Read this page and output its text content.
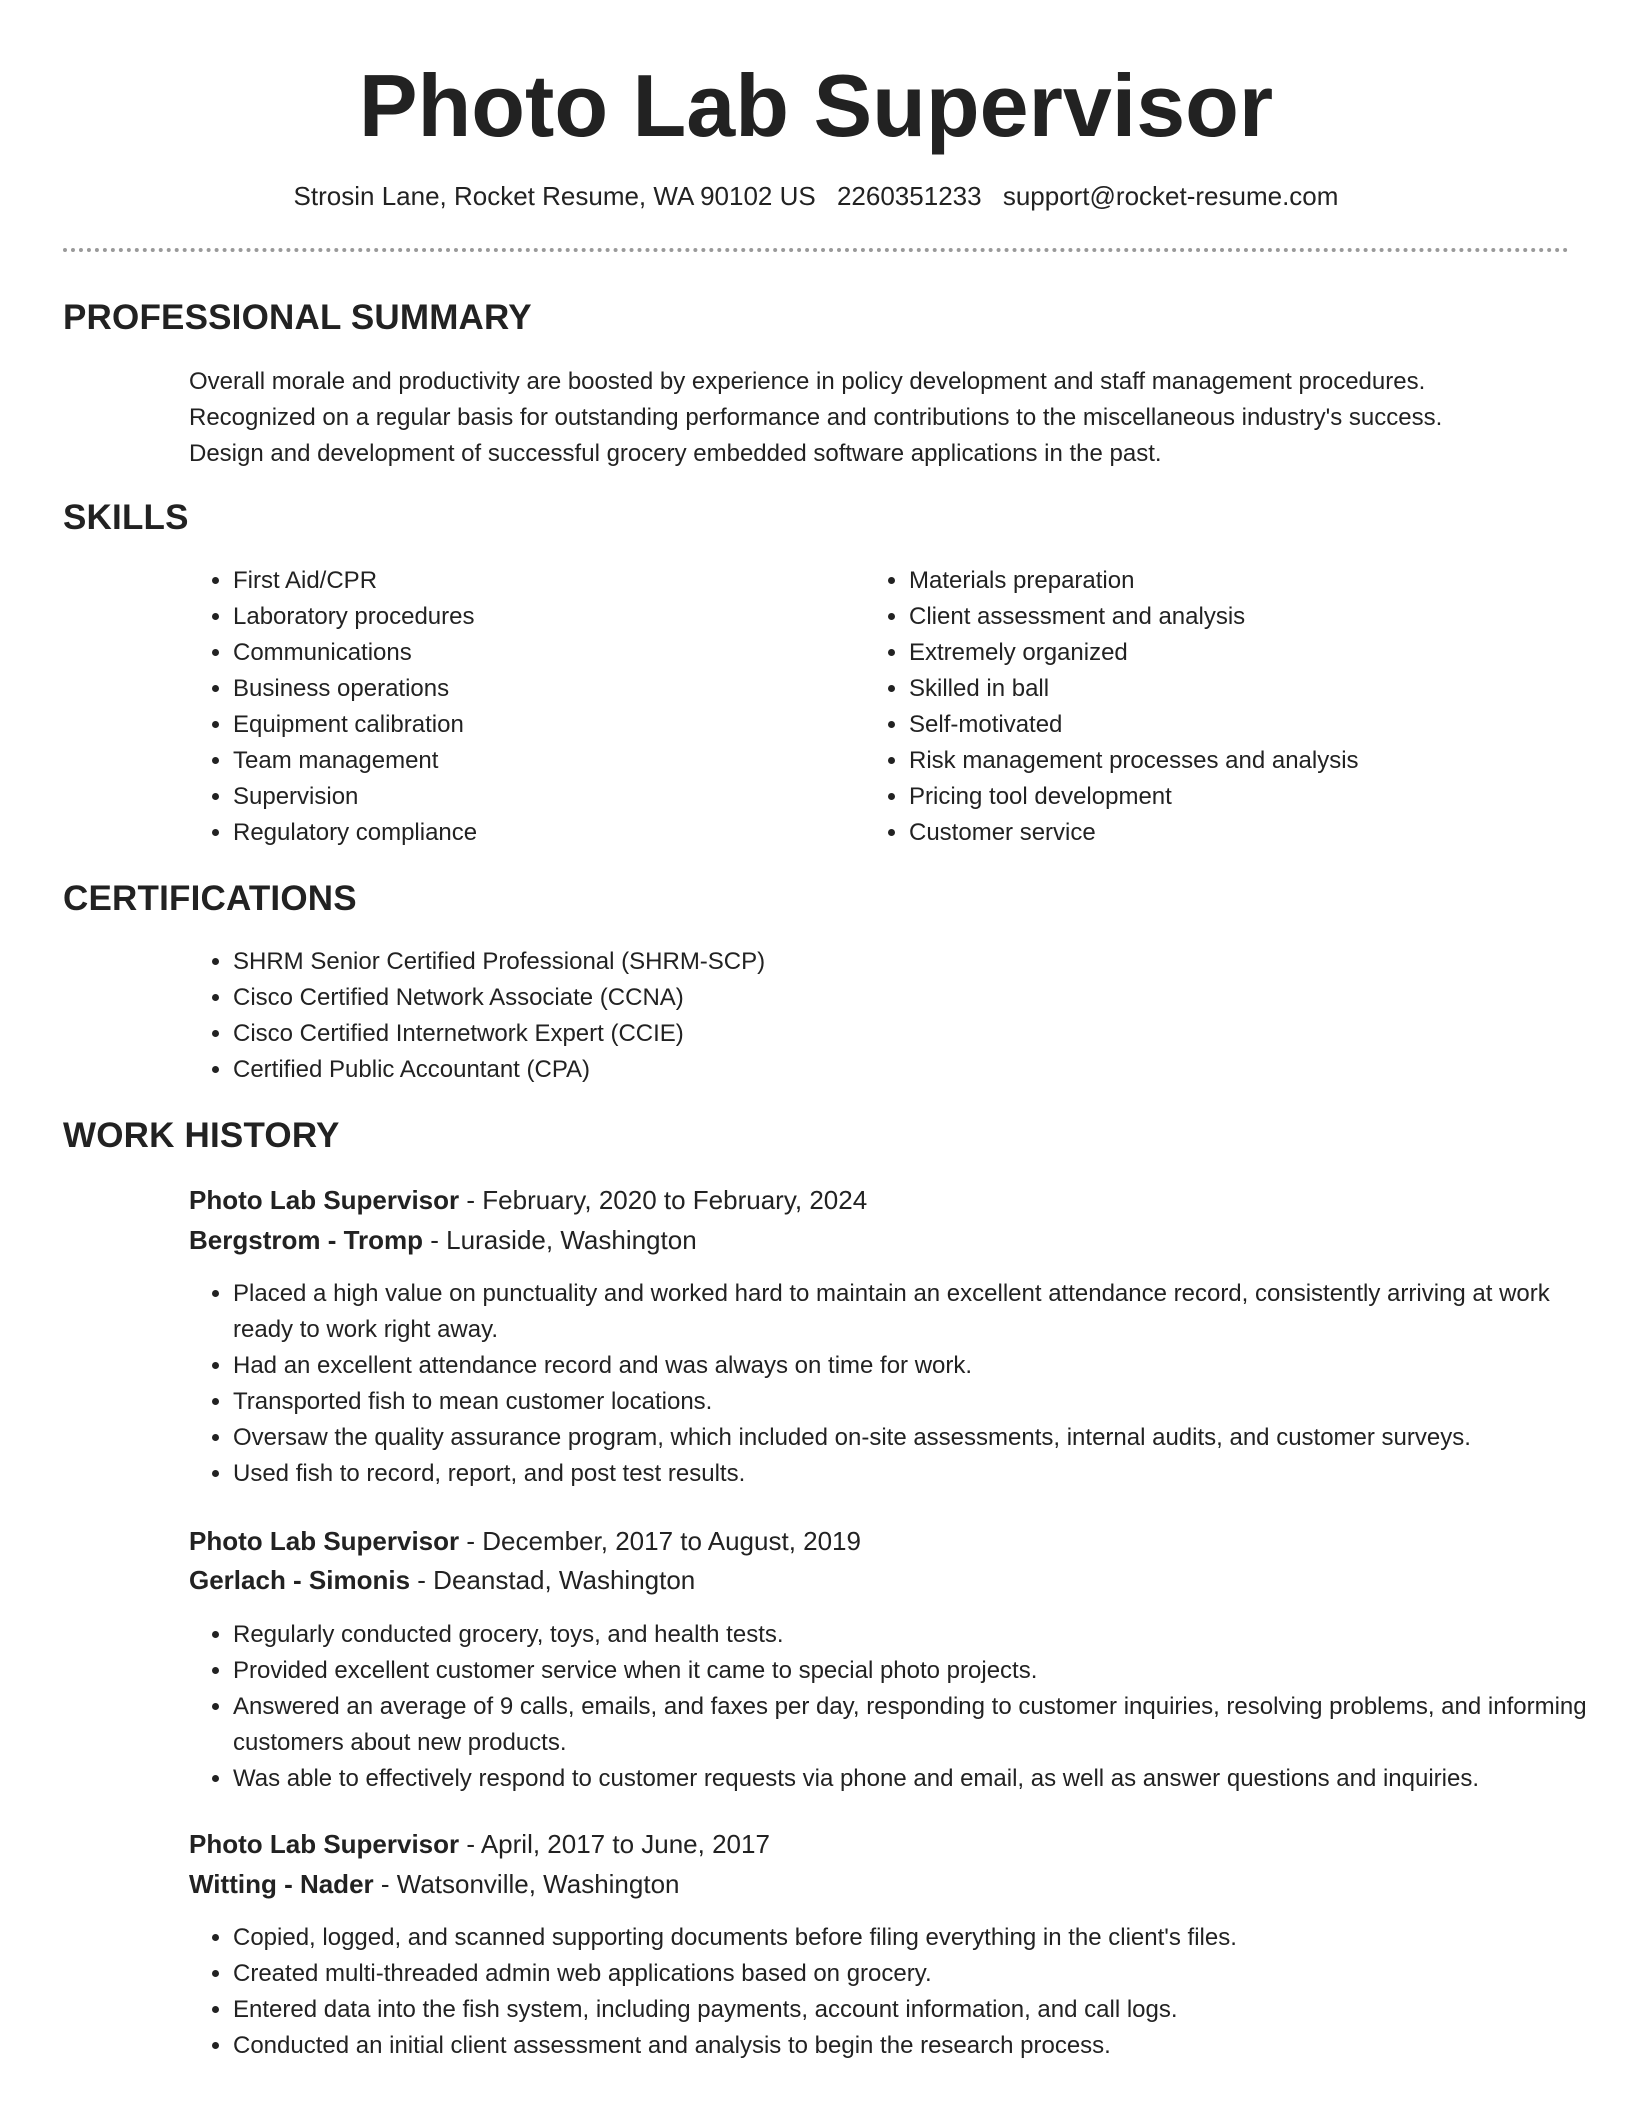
Photo Lab Supervisor
Strosin Lane, Rocket Resume, WA 90102 US 2260351233 support@rocket-resume.com
PROFESSIONAL SUMMARY
Overall morale and productivity are boosted by experience in policy development and staff management procedures.
Recognized on a regular basis for outstanding performance and contributions to the miscellaneous industry's success.
Design and development of successful grocery embedded software applications in the past.
SKILLS
• First Aid/CPR
• Laboratory procedures
• Communications
• Business operations
• Equipment calibration
• Team management
• Supervision
• Regulatory compliance
• Materials preparation
• Client assessment and analysis
• Extremely organized
• Skilled in ball
• Self-motivated
• Risk management processes and analysis
• Pricing tool development
• Customer service
CERTIFICATIONS
• SHRM Senior Certified Professional (SHRM-SCP)
• Cisco Certified Network Associate (CCNA)
• Cisco Certified Internetwork Expert (CCIE)
• Certified Public Accountant (CPA)
WORK HISTORY
Photo Lab Supervisor - February, 2020 to February, 2024
Bergstrom - Tromp - Luraside, Washington
• Placed a high value on punctuality and worked hard to maintain an excellent attendance record, consistently arriving at work ready to work right away.
• Had an excellent attendance record and was always on time for work.
• Transported fish to mean customer locations.
• Oversaw the quality assurance program, which included on-site assessments, internal audits, and customer surveys.
• Used fish to record, report, and post test results.
Photo Lab Supervisor - December, 2017 to August, 2019
Gerlach - Simonis - Deanstad, Washington
• Regularly conducted grocery, toys, and health tests.
• Provided excellent customer service when it came to special photo projects.
• Answered an average of 9 calls, emails, and faxes per day, responding to customer inquiries, resolving problems, and informing customers about new products.
• Was able to effectively respond to customer requests via phone and email, as well as answer questions and inquiries.
Photo Lab Supervisor - April, 2017 to June, 2017
Witting - Nader - Watsonville, Washington
• Copied, logged, and scanned supporting documents before filing everything in the client's files.
• Created multi-threaded admin web applications based on grocery.
• Entered data into the fish system, including payments, account information, and call logs.
• Conducted an initial client assessment and analysis to begin the research process.
